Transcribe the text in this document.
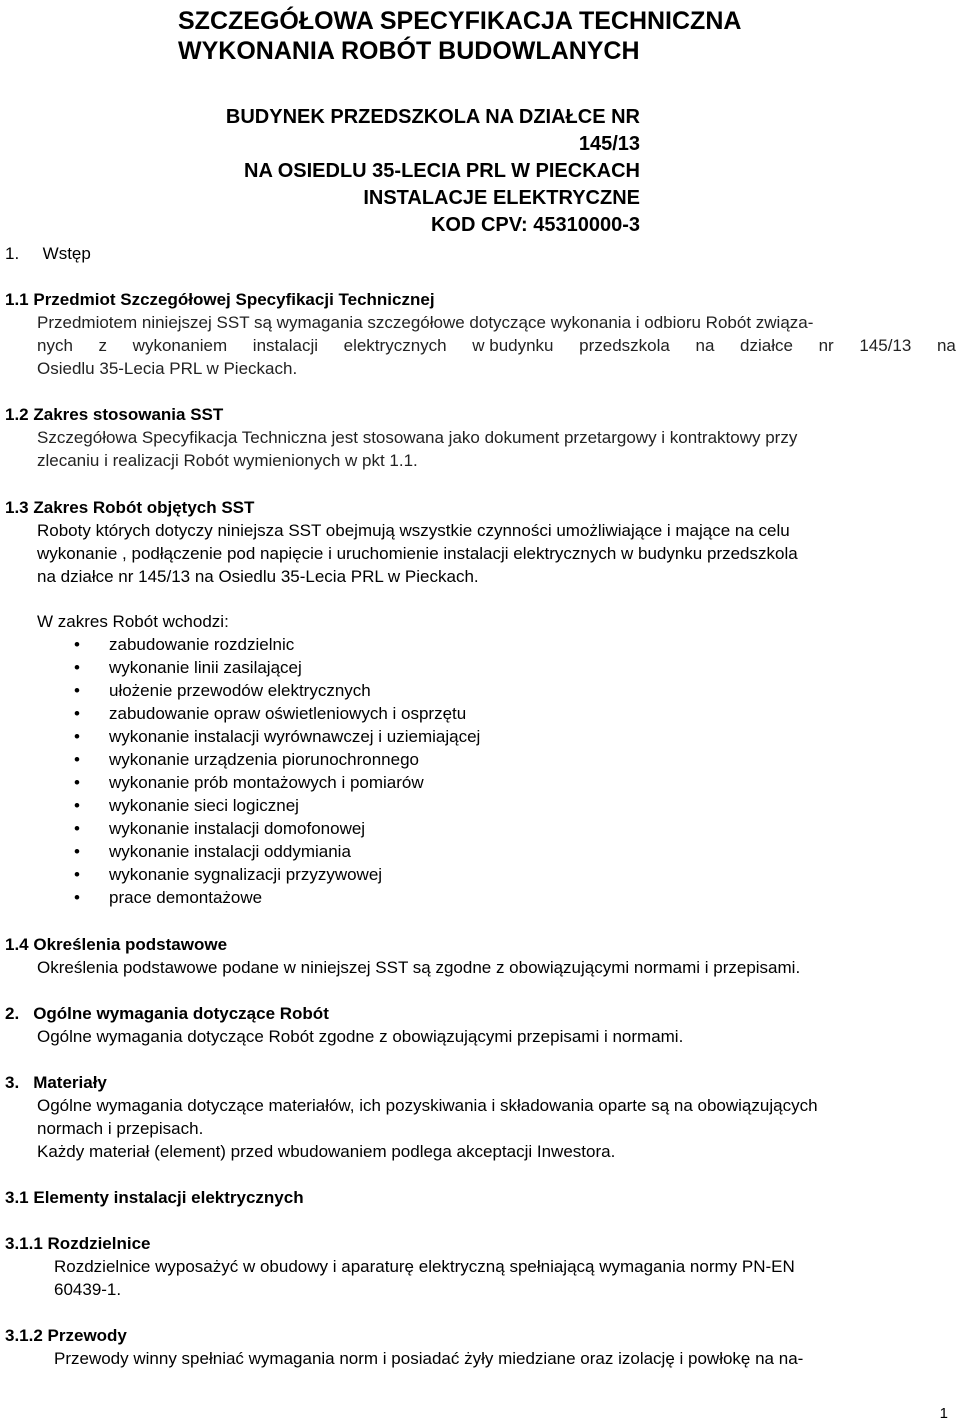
SZCZEGÓŁOWA SPECYFIKACJA TECHNICZNA
WYKONANIA ROBÓT BUDOWLANYCH
BUDYNEK PRZEDSZKOLA NA DZIAŁCE NR 145/13
NA OSIEDLU 35-LECIA PRL W PIECKACH
INSTALACJE ELEKTRYCZNE
KOD CPV: 45310000-3

1. Wstęp

1.1 Przedmiot Szczegółowej Specyfikacji Technicznej

Przedmiotem niniejszej SST są wymagania szczegółowe dotyczące wykonania i odbioru Robót związa-
nych z wykonaniem instalacji elektrycznych w budynku przedszkola na działce nr 145/13 na
Osiedlu 35-Lecia PRL w Pieckach.

1.2 Zakres stosowania SST

Szczegółowa Specyfikacja Techniczna jest stosowana jako dokument przetargowy i kontraktowy przy
zlecaniu i realizacji Robót wymienionych w pkt 1.1.

1.3 Zakres Robót objętych SST

Roboty których dotyczy niniejsza SST obejmują wszystkie czynności umożliwiające i mające na celu
wykonanie , podłączenie pod napięcie i uruchomienie instalacji elektrycznych w budynku przedszkola
na działce nr 145/13 na Osiedlu 35-Lecia PRL w Pieckach.
W zakres Robót wchodzi:
• zabudowanie rozdzielnic
• wykonanie linii zasilającej
• ułożenie przewodów elektrycznych
• zabudowanie opraw oświetleniowych i osprzętu
• wykonanie instalacji wyrównawczej i uziemiającej
• wykonanie urządzenia piorunochronnego
• wykonanie prób montażowych i pomiarów
• wykonanie sieci logicznej
• wykonanie instalacji domofonowej
• wykonanie instalacji oddymiania
• wykonanie sygnalizacji przyzywowej
• prace demontażowe

1.4 Określenia podstawowe

Określenia podstawowe podane w niniejszej SST są zgodne z obowiązującymi normami i przepisami.

2. Ogólne wymagania dotyczące Robót

Ogólne wymagania dotyczące Robót zgodne z obowiązującymi przepisami i normami.

3. Materiały

Ogólne wymagania dotyczące materiałów, ich pozyskiwania i składowania oparte są na obowiązujących
normach i przepisach.
Każdy materiał (element) przed wbudowaniem podlega akceptacji Inwestora.

3.1 Elementy instalacji elektrycznych

3.1.1 Rozdzielnice

Rozdzielnice wyposażyć w obudowy i aparaturę elektryczną spełniającą wymagania normy PN-EN
60439-1.

3.1.2 Przewody

Przewody winny spełniać wymagania norm i posiadać żyły miedziane oraz izolację i powłokę na na-
1
